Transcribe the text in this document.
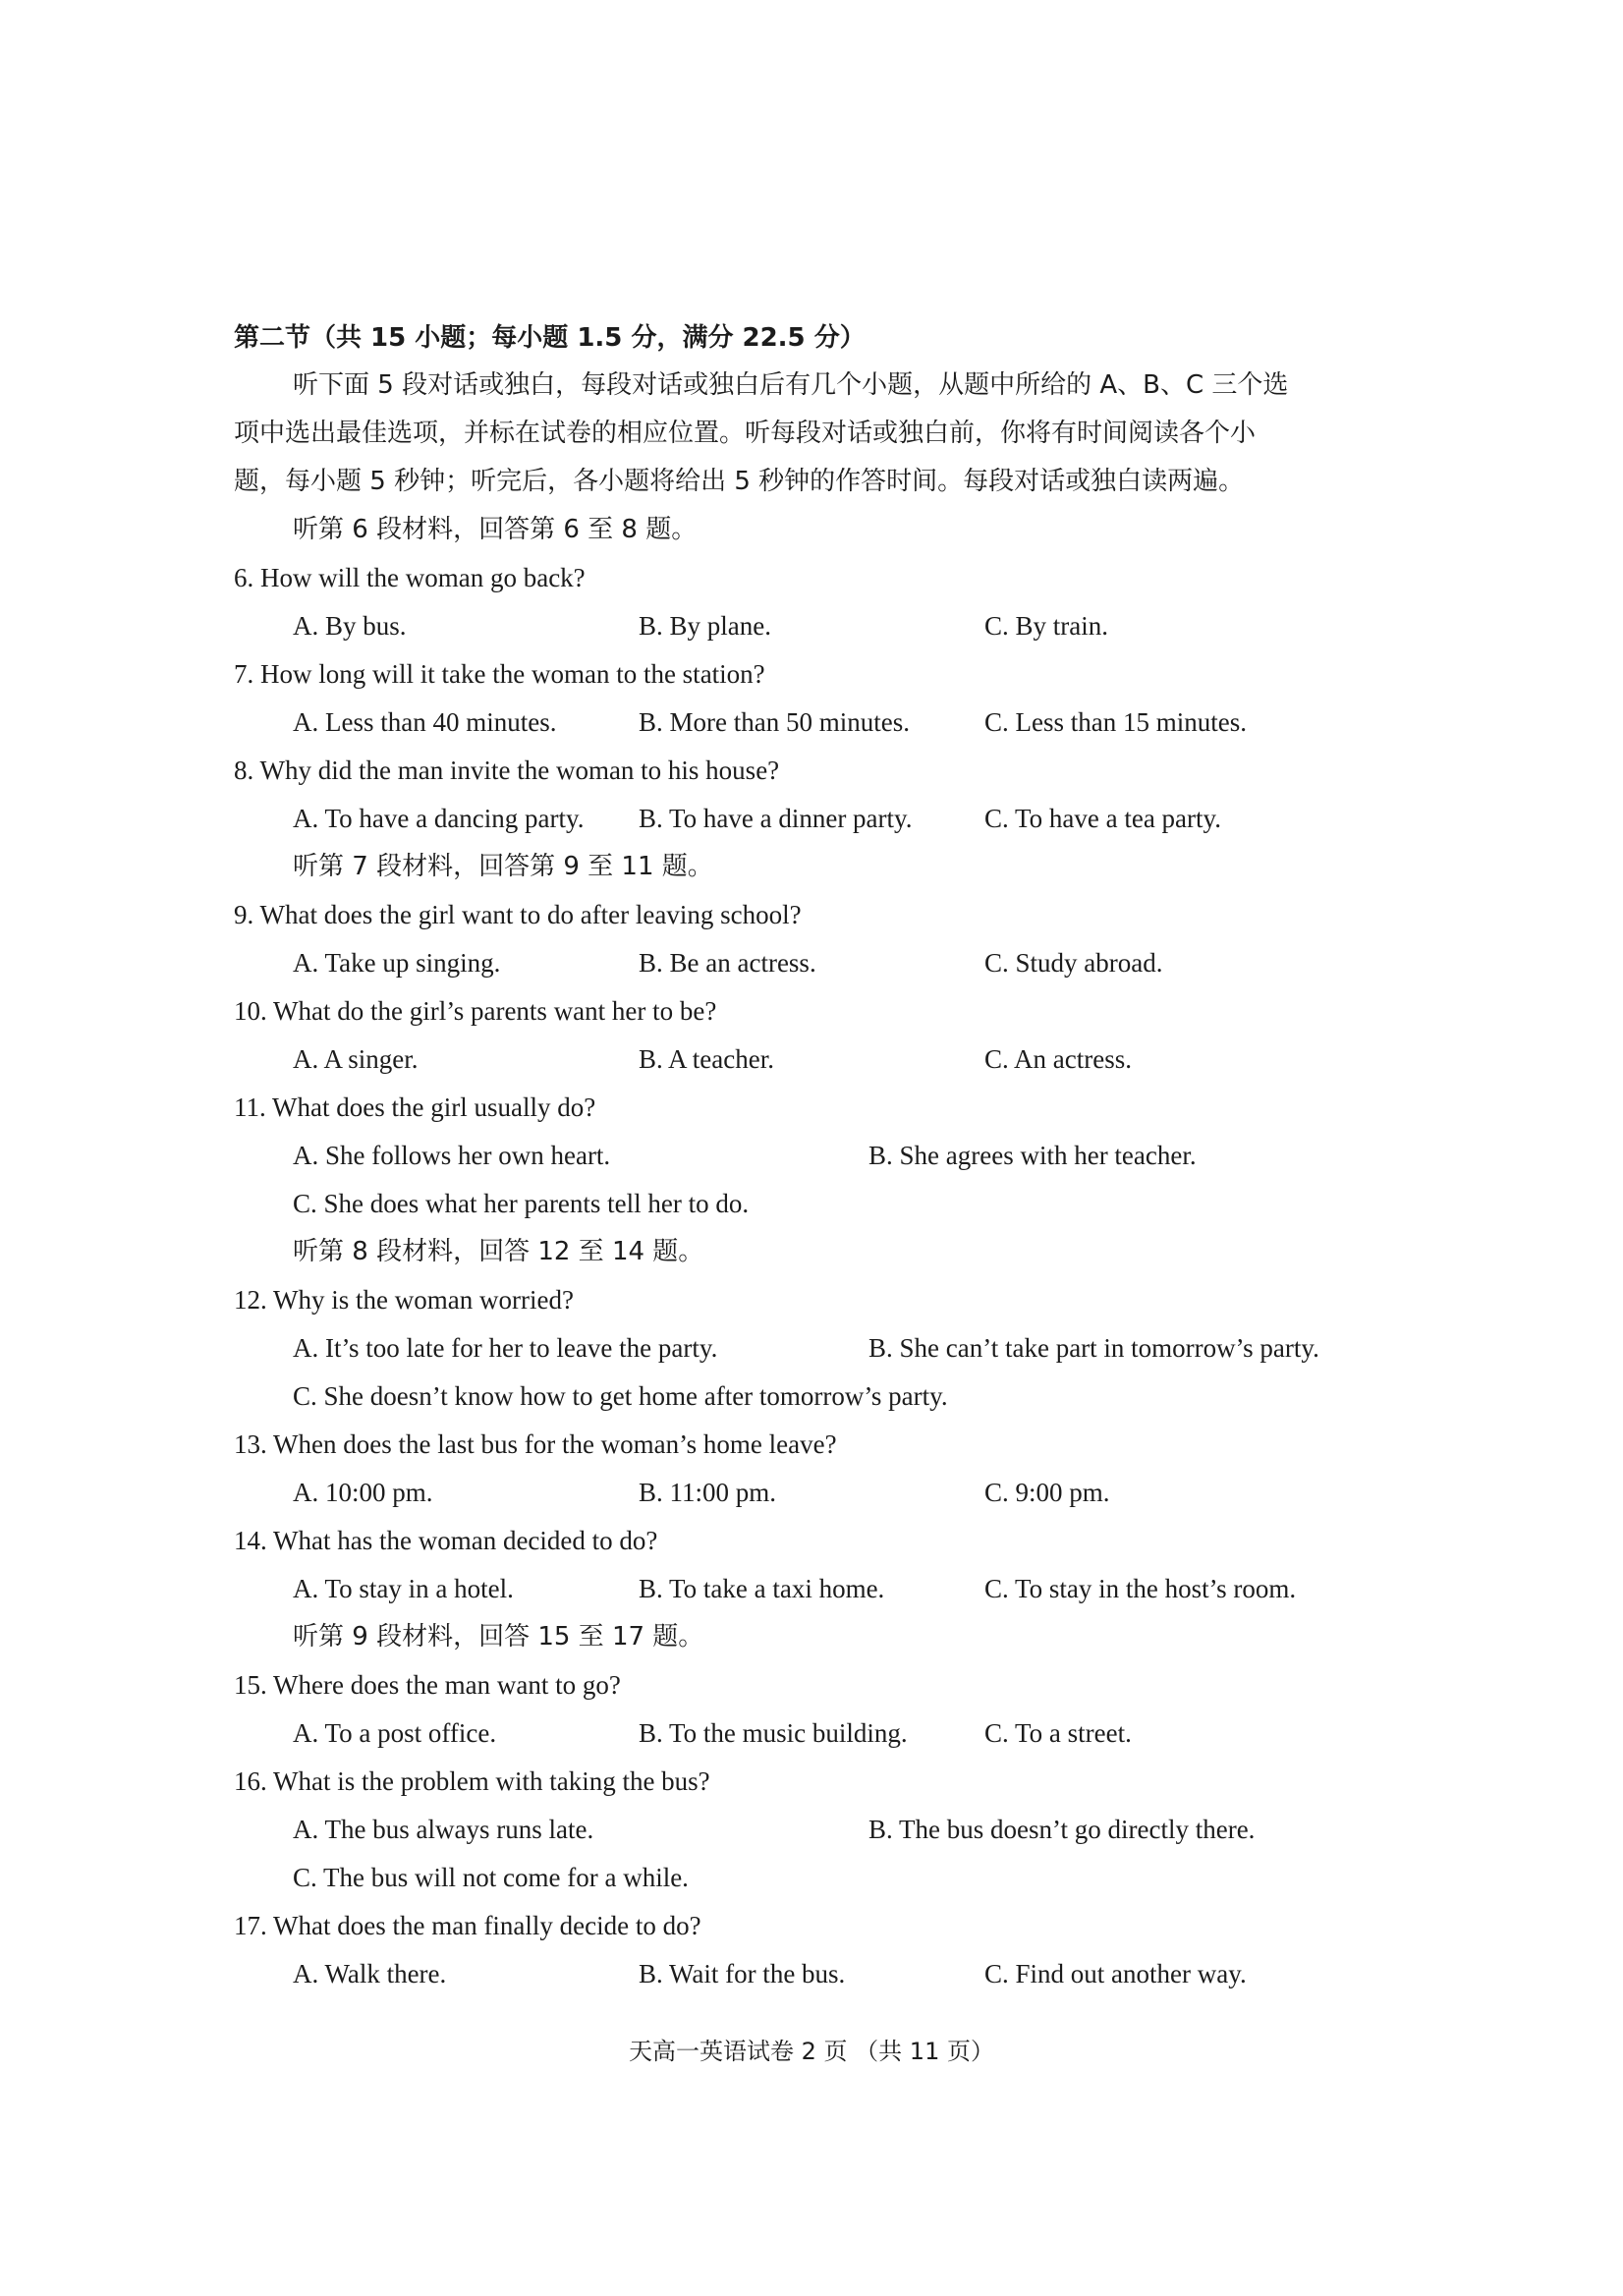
第二节（共 15 小题；每小题 1.5 分，满分 22.5 分）
听下面 5 段对话或独白，每段对话或独白后有几个小题，从题中所给的 A、B、C 三个选
项中选出最佳选项，并标在试卷的相应位置。听每段对话或独白前，你将有时间阅读各个小
题，每小题 5 秒钟；听完后，各小题将给出 5 秒钟的作答时间。每段对话或独白读两遍。
听第 6 段材料，回答第 6 至 8 题。
6. How will the woman go back?
A. By bus.	B. By plane.	C. By train.
7. How long will it take the woman to the station?
A. Less than 40 minutes.	B. More than 50 minutes.	C. Less than 15 minutes.
8. Why did the man invite the woman to his house?
A. To have a dancing party. B. To have a dinner party.	C. To have a tea party.
听第 7 段材料，回答第 9 至 11 题。
9. What does the girl want to do after leaving school?
A. Take up singing.	B. Be an actress.	C. Study abroad.
10. What do the girl’s parents want her to be?
A. A singer.	B. A teacher.	C. An actress.
11. What does the girl usually do?
A. She follows her own heart.	B. She agrees with her teacher.
C. She does what her parents tell her to do.
听第 8 段材料，回答 12 至 14 题。
12. Why is the woman worried?
A. It’s too late for her to leave the party.	B. She can’t take part in tomorrow’s party.
C. She doesn’t know how to get home after tomorrow’s party.
13. When does the last bus for the woman’s home leave?
A. 10:00 pm.	B. 11:00 pm.	C. 9:00 pm.
14. What has the woman decided to do?
A. To stay in a hotel.	B. To take a taxi home.	C. To stay in the host’s room.
听第 9 段材料，回答 15 至 17 题。
15. Where does the man want to go?
A. To a post office.	B. To the music building.	C. To a street.
16. What is the problem with taking the bus?
A. The bus always runs late.	B. The bus doesn’t go directly there.
C. The bus will not come for a while.
17. What does the man finally decide to do?
A. Walk there.	B. Wait for the bus.	C. Find out another way.
天高一英语试卷 2 页 （共 11 页）
